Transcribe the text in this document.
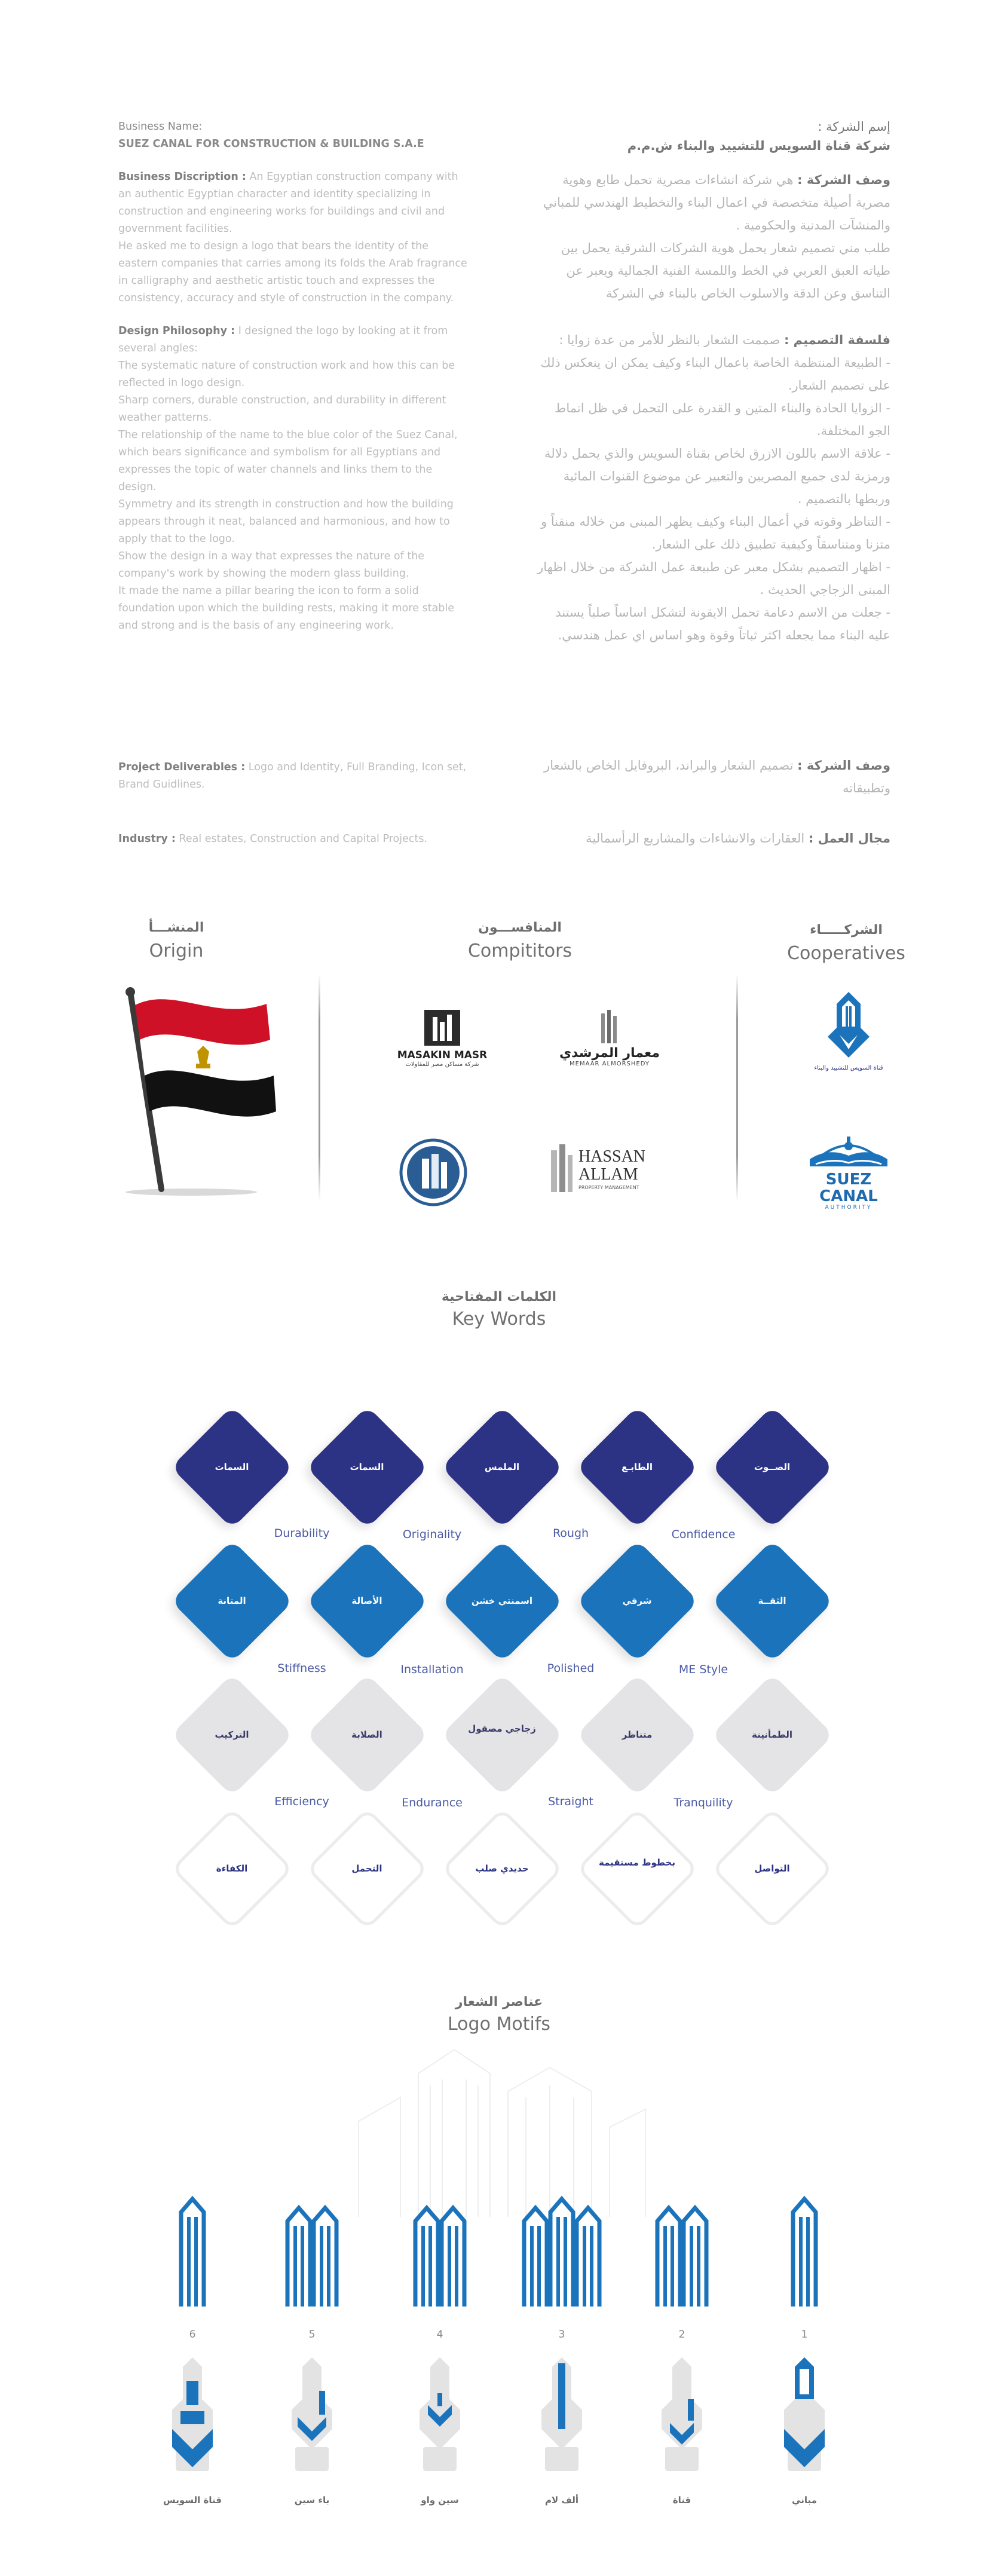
Business Name:
SUEZ CANAL FOR CONSTRUCTION & BUILDING S.A.E

Business Discription : An Egyptian construction company with an authentic Egyptian character and identity specializing in construction and engineering works for buildings and civil and government facilities.

He asked me to design a logo that bears the identity of the eastern companies that carries among its folds the Arab fragrance in calligraphy and aesthetic artistic touch and expresses the consistency, accuracy and style of construction in the company.

Design Philosophy : I designed the logo by looking at it from several angles:

The systematic nature of construction work and how this can be reflected in logo design.

Sharp corners, durable construction, and durability in different weather patterns.

The relationship of the name to the blue color of the Suez Canal, which bears significance and symbolism for all Egyptians and expresses the topic of water channels and links them to the design.

Symmetry and its strength in construction and how the building appears through it neat, balanced and harmonious, and how to apply that to the logo.

Show the design in a way that expresses the nature of the company's work by showing the modern glass building.

It made the name a pillar bearing the icon to form a solid foundation upon which the building rests, making it more stable and strong and is the basis of any engineering work.

Project Deliverables : Logo and Identity, Full Branding, Icon set, Brand Guidlines.

Industry : Real estates, Construction and Capital Projects.

إسم الشركة :
شركة قناة السويس للتشييد والبناء ش.م.م

وصف الشركة : هي شركة انشاءات مصرية تحمل طابع وهوية مصرية أصيلة متخصصة في اعمال البناء والتخطيط الهندسي للمباني والمنشآت المدنية والحكومية .

طلب مني تصميم شعار يحمل هوية الشركات الشرقية يحمل بين طياته العبق العربي في الخط واللمسة الفنية الجمالية ويعبر عن التناسق وعن الدقة والاسلوب الخاص بالبناء في الشركة

فلسفة التصميم : صممت الشعار بالنظر للأمر من عدة زوايا :

- الطبيعة المنتظمة الخاصة باعمال البناء وكيف يمكن ان ينعكس ذلك على تصميم الشعار.

- الزوايا الحادة والبناء المتين و القدرة على التحمل في ظل انماط الجو المختلفة.

- علاقة الاسم باللون الازرق لخاص بقناة السويس والذي يحمل دلالة ورمزية لدى جميع المصريين والتعبير عن موضوع القنوات المائية وربطها بالتصميم .

- التناظر وقوته في أعمال البناء وكيف يظهر المبنى من خلاله منقناً و متزنا ومتناسقاً وكيفية تطبيق ذلك على الشعار.

- اظهار التصميم بشكل معبر عن طبيعة عمل الشركة من خلال اظهار المبنى الزجاجي الحديث .

- جعلت من الاسم دعامة تحمل الايقونة لتشكل اساساً صلباً يستند عليه البناء مما يجعله اكثر ثباتاً وقوة وهو اساس اي عمل هندسي.

وصف الشركة : تصميم الشعار والبراند، البروفايل الخاص بالشعار وتطبيقاته

مجال العمل : العقارات والانشاءات والمشاريع الرأسمالية

المنشـــأ
Origin
المنافســـون
Compititors
الشركـــــاء
Cooperatives
MASAKIN MASR
شركة مساكن مصر للمقاولات
معمار المرشدي
MEMAAR ALMORSHEDY
HASSAN
ALLAM
PROPERTY MANAGEMENT
قناة السويس للتشييد والبناء
SUEZ CANAL
AUTHORITY
الكلمات المفتاحية
Key Words
الصــوت
الطابـع
الملمس
السمات
السمات
الثقــة
شرقي
اسمنتي خشن
الأصالة
المتانة
الطمأنينة
متناظر
زجاجي مصقول
الصلابة
التركيب
التواصل
بخطوط مستقيمة
حديدي صلب
التحمل
الكفاءة
Durability	Originality	Rough	Confidence
Stiffness	Installation	Polished	ME Style
Efficiency	Endurance	Straight	Tranquility
عناصر الشعار
Logo Motifs
6
قناة السويس
5
باء سين
4
سين واو
3
ألف لام
2
قناة
1
مباني
